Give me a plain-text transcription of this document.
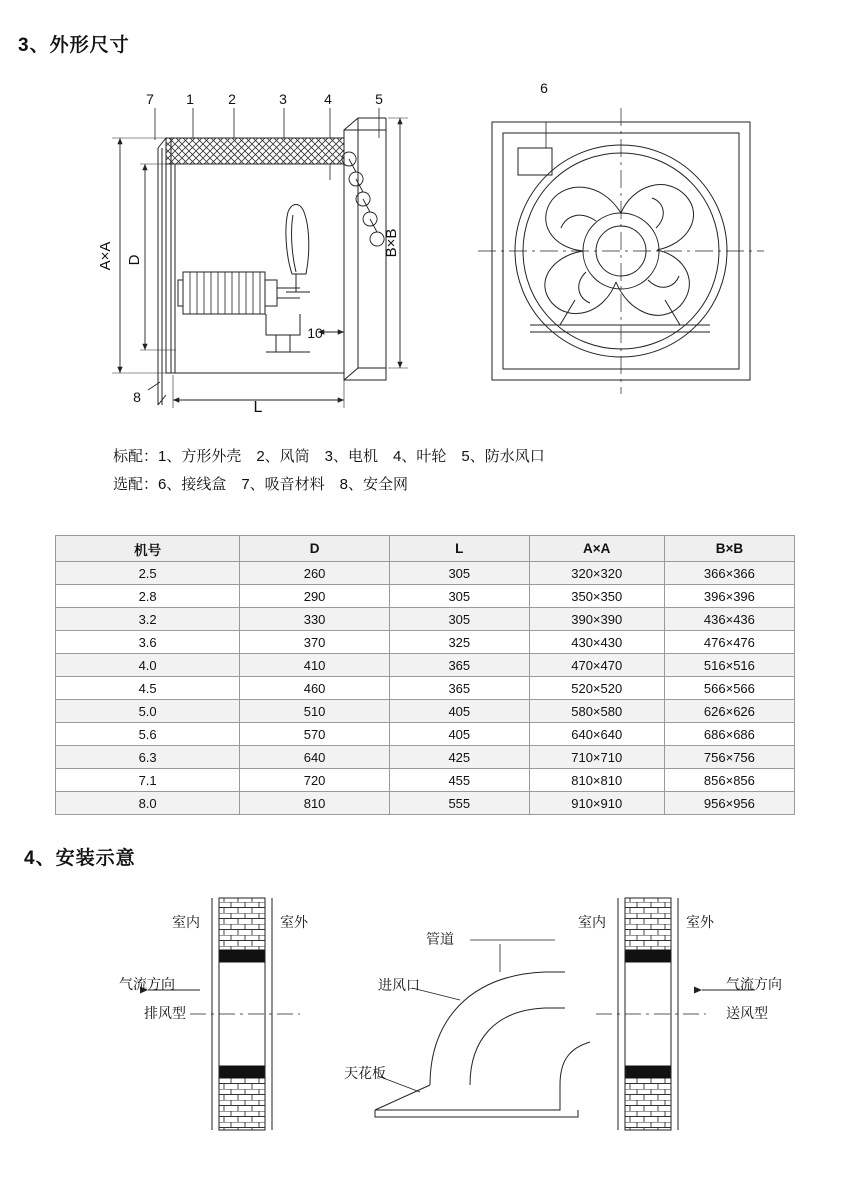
3、外形尺寸
7 1 2	3	4	5
6
8
10
L
D
A×A	B×B
标配：1、方形外壳　2、风筒　3、电机　4、叶轮　5、防水风口
选配：6、接线盒　7、吸音材料　8、安全网
机号	D	L	A×A	B×B
2.5	260	305	320×320	366×366
2.8	290	305	350×350	396×396
3.2	330	305	390×390	436×436
3.6	370	325	430×430	476×476
4.0	410	365	470×470	516×516
4.5	460	365	520×520	566×566
5.0	510	405	580×580	626×626
5.6	570	405	640×640	686×686
6.3	640	425	710×710	756×756
7.1	720	455	810×810	856×856
8.0	810	555	910×910	956×956
4、安装示意
室内	室外
气流方向
排风型
管道
进风口
天花板
室内	室外
气流方向
送风型
